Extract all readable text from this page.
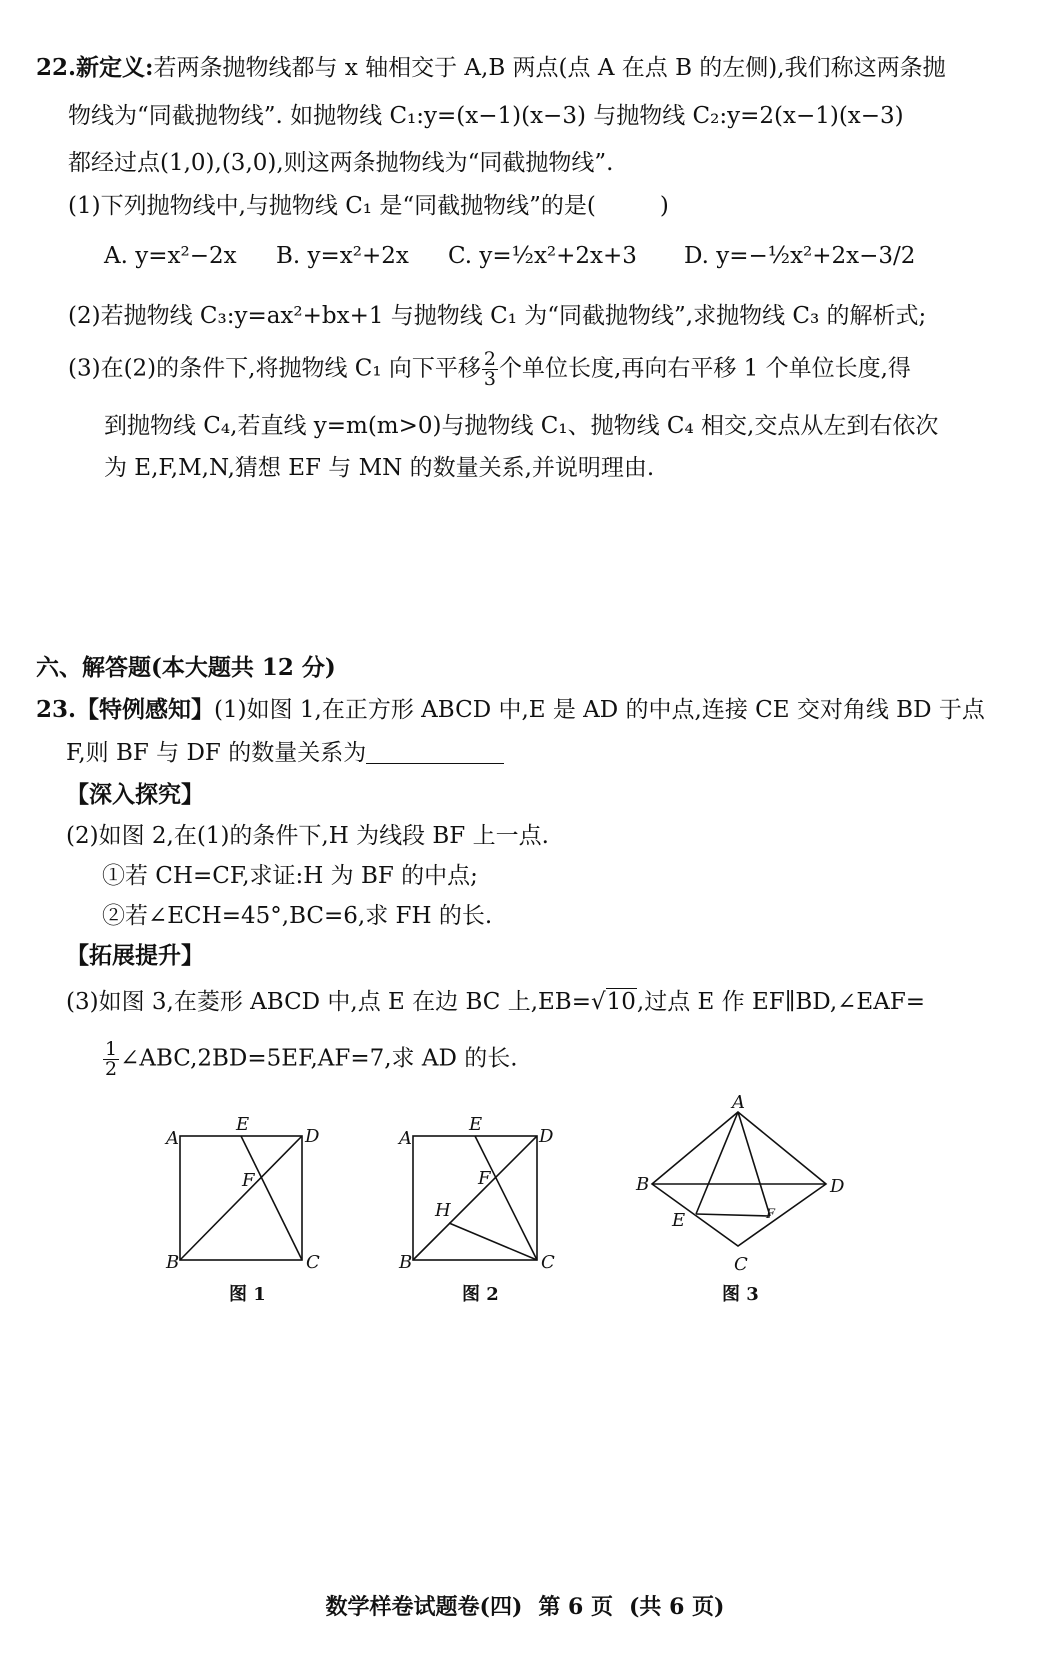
22.新定义:若两条抛物线都与 x 轴相交于 A,B 两点(点 A 在点 B 的左侧),我们称这两条抛
物线为“同截抛物线”. 如抛物线 C₁:y=(x−1)(x−3) 与抛物线 C₂:y=2(x−1)(x−3)
都经过点(1,0),(3,0),则这两条抛物线为“同截抛物线”.
(1)下列抛物线中,与抛物线 C₁ 是“同截抛物线”的是(	)
A. y=x²−2x B. y=x²+2x C. y=½x²+2x+3 D. y=−½x²+2x−3/2
(2)若抛物线 C₃:y=ax²+bx+1 与抛物线 C₁ 为“同截抛物线”,求抛物线 C₃ 的解析式;
(3)在(2)的条件下,将抛物线 C₁ 向下平移 $\frac{2}{3}$ 个单位长度,再向右平移 1 个单位长度,得
到抛物线 C₄,若直线 y=m(m>0)与抛物线 C₁、抛物线 C₄ 相交,交点从左到右依次
为 E,F,M,N,猜想 EF 与 MN 的数量关系,并说明理由.
六、解答题(本大题共 12 分)
23.【特例感知】(1)如图 1,在正方形 ABCD 中,E 是 AD 的中点,连接 CE 交对角线 BD 于点
F,则 BF 与 DF 的数量关系为
【深入探究】
(2)如图 2,在(1)的条件下,H 为线段 BF 上一点.
①若 CH=CF,求证:H 为 BF 的中点;
②若∠ECH=45°,BC=6,求 FH 的长.
【拓展提升】
(3)如图 3,在菱形 ABCD 中,点 E 在边 BC 上,EB=√10,过点 E 作 EF∥BD,∠EAF=
$\frac{1}{2}$ ∠ABC,2BD=5EF,AF=7,求 AD 的长.
A
E
D
F
B	C
图 1
A
E
D
F
H
B	C
图 2
A
B	D
E	F
C
图 3
数学样卷试题卷(四) 第 6 页 (共 6 页)
